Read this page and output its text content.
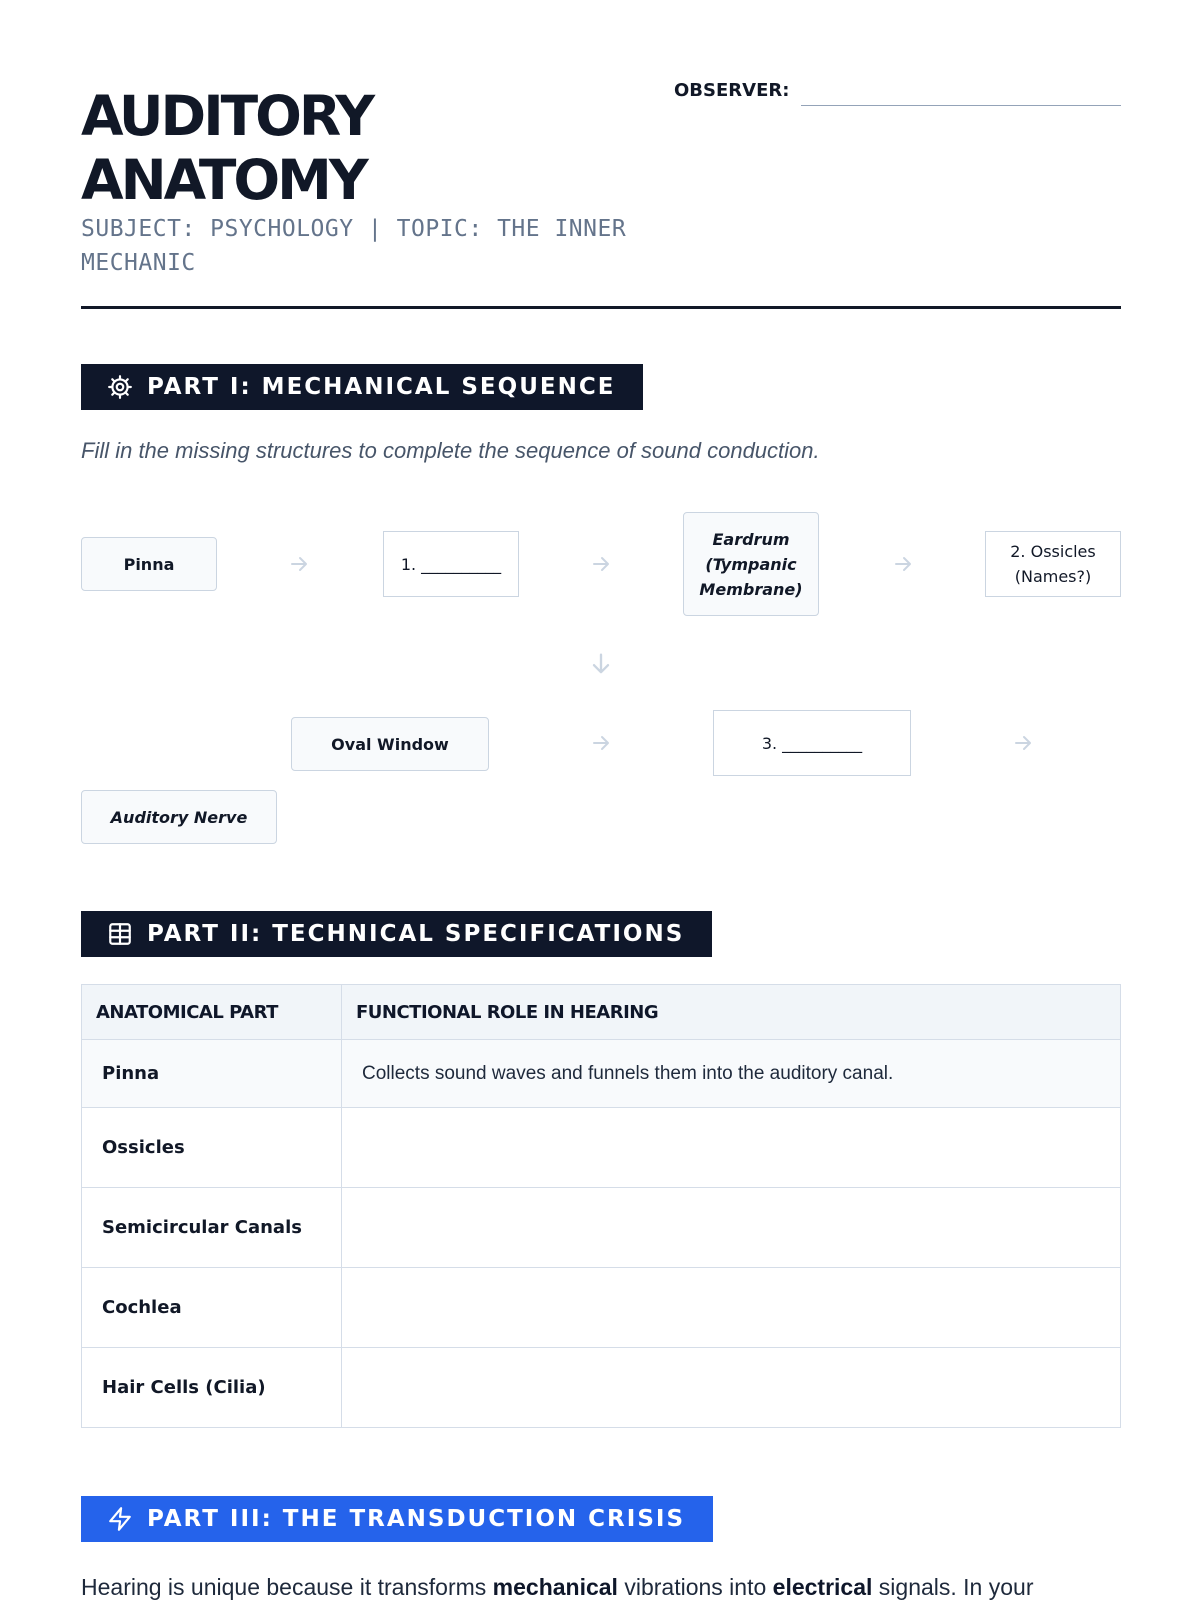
AUDITORY
ANATOMY
SUBJECT: PSYCHOLOGY | TOPIC: THE INNER MECHANIC
OBSERVER:
PART I: MECHANICAL SEQUENCE
Fill in the missing structures to complete the sequence of sound conduction.
Pinna	1. __________
Eardrum (Tympanic Membrane)
2. Ossicles (Names?)
Oval Window	3. __________
Auditory Nerve
PART II: TECHNICAL SPECIFICATIONS
ANATOMICAL PART	FUNCTIONAL ROLE IN HEARING
Pinna	Collects sound waves and funnels them into the auditory canal.
Ossicles	
Semicircular Canals	
Cochlea	
Hair Cells (Cilia)	
PART III: THE TRANSDUCTION CRISIS
Hearing is unique because it transforms mechanical vibrations into electrical signals. In your
